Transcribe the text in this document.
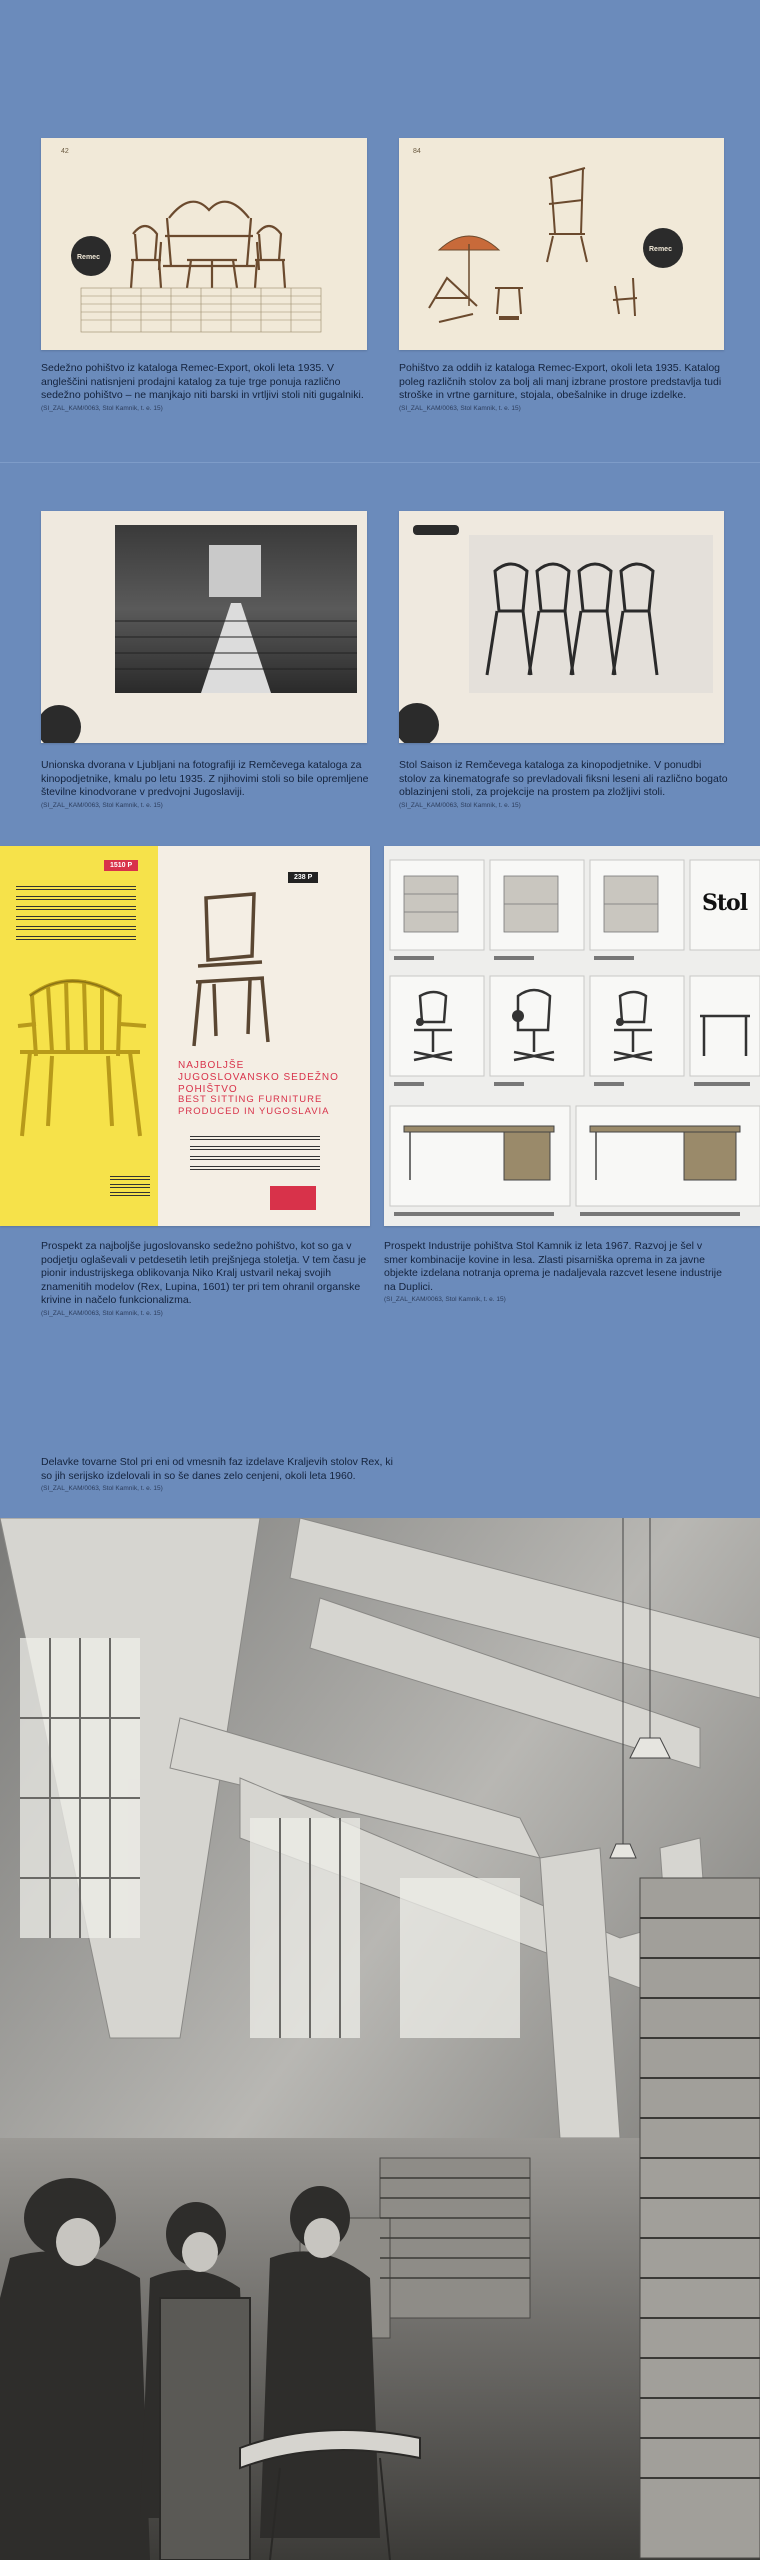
42
Remec
Sedežno pohištvo iz kataloga Remec-Export, okoli leta 1935. V angleščini natisnjeni prodajni katalog za tuje trge ponuja različno sedežno pohištvo – ne manjkajo niti barski in vrtljivi stoli niti gugalniki.
(SI_ZAL_KAM/0063, Stol Kamnik, t. e. 15)
84
Remec
Pohištvo za oddih iz kataloga Remec-Export, okoli leta 1935. Katalog poleg različnih stolov za bolj ali manj izbrane prostore predstavlja tudi stroške in vrtne garniture, stojala, obešalnike in druge izdelke.
(SI_ZAL_KAM/0063, Stol Kamnik, t. e. 15)
Unionska dvorana v Ljubljani na fotografiji iz Remčevega kataloga za kinopodjetnike, kmalu po letu 1935. Z njihovimi stoli so bile opremljene številne kinodvorane v predvojni Jugoslaviji.
(SI_ZAL_KAM/0063, Stol Kamnik, t. e. 15)
Stol Saison iz Remčevega kataloga za kinopodjetnike. V ponudbi stolov za kinematografe so prevladovali fiksni leseni ali različno bogato oblazinjeni stoli, za projekcije na prostem pa zložljivi stoli.
(SI_ZAL_KAM/0063, Stol Kamnik, t. e. 15)
1510 P
238 P
NAJBOLJŠE JUGOSLOVANSKO SEDEŽNO POHIŠTVO
BEST SITTING FURNITURE PRODUCED IN YUGOSLAVIA
Prospekt za najboljše jugoslovansko sedežno pohištvo, kot so ga v podjetju oglaševali v petdesetih letih prejšnjega stoletja. V tem času je pionir industrijskega oblikovanja Niko Kralj ustvaril nekaj svojih znamenitih modelov (Rex, Lupina, 1601) ter pri tem ohranil organske krivine in načelo funkcionalizma.
(SI_ZAL_KAM/0063, Stol Kamnik, t. e. 15)
Stol
Prospekt Industrije pohištva Stol Kamnik iz leta 1967. Razvoj je šel v smer kombinacije kovine in lesa. Zlasti pisarniška oprema in za javne objekte izdelana notranja oprema je nadaljevala razcvet lesene industrije na Duplici.
(SI_ZAL_KAM/0063, Stol Kamnik, t. e. 15)
Delavke tovarne Stol pri eni od vmesnih faz izdelave Kraljevih stolov Rex, ki so jih serijsko izdelovali in so še danes zelo cenjeni, okoli leta 1960.
(SI_ZAL_KAM/0063, Stol Kamnik, t. e. 15)
